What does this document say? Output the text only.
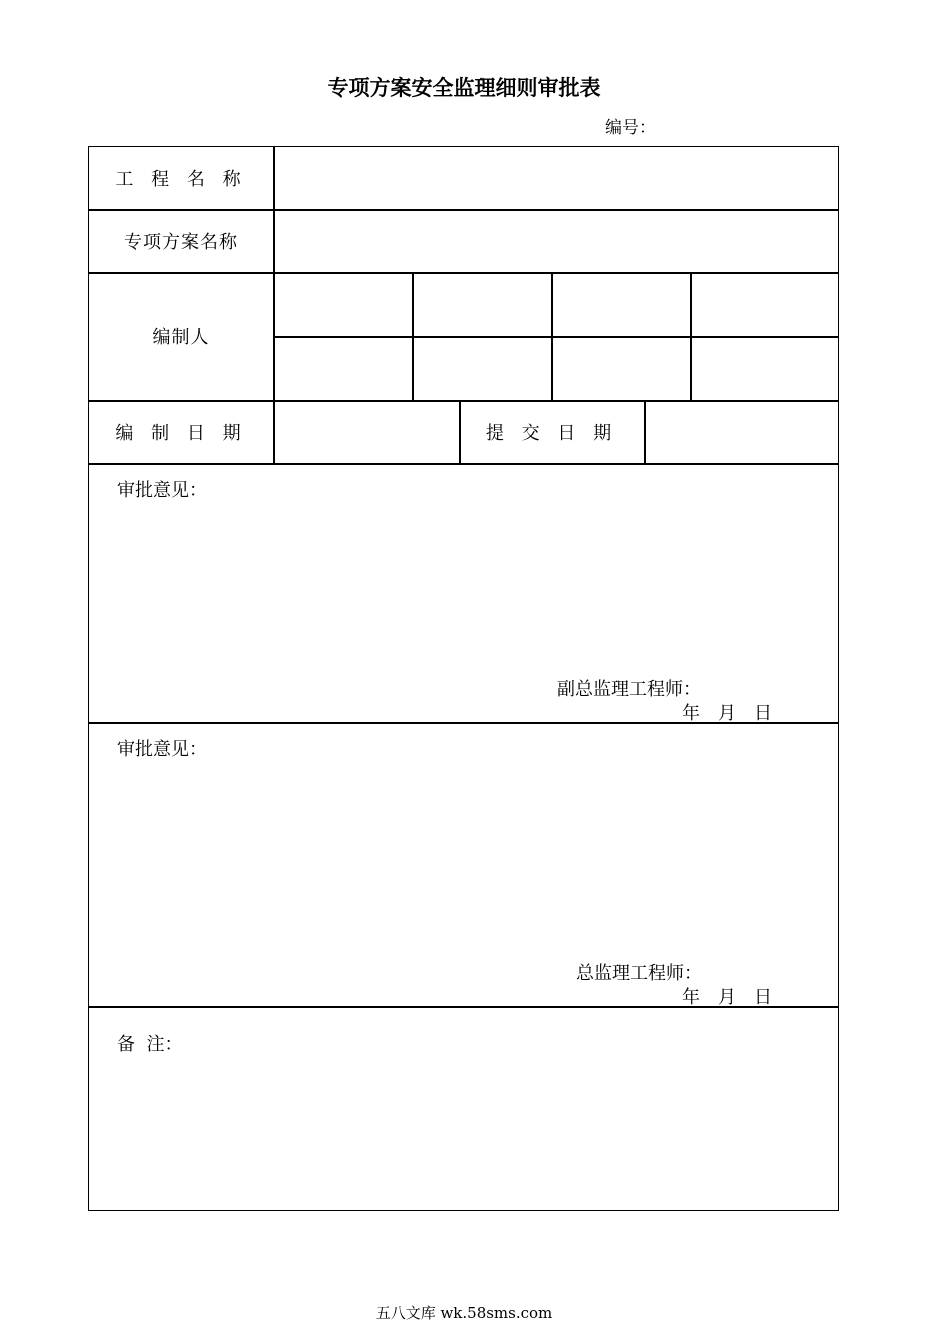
专项方案安全监理细则审批表
编号：
工 程 名 称
专项方案名称
编制人
编 制 日 期	提 交 日 期
审批意见：
副总监理工程师：
年　月　日
审批意见：
总监理工程师：
年　月　日
备  注：
五八文库 wk.58sms.com
